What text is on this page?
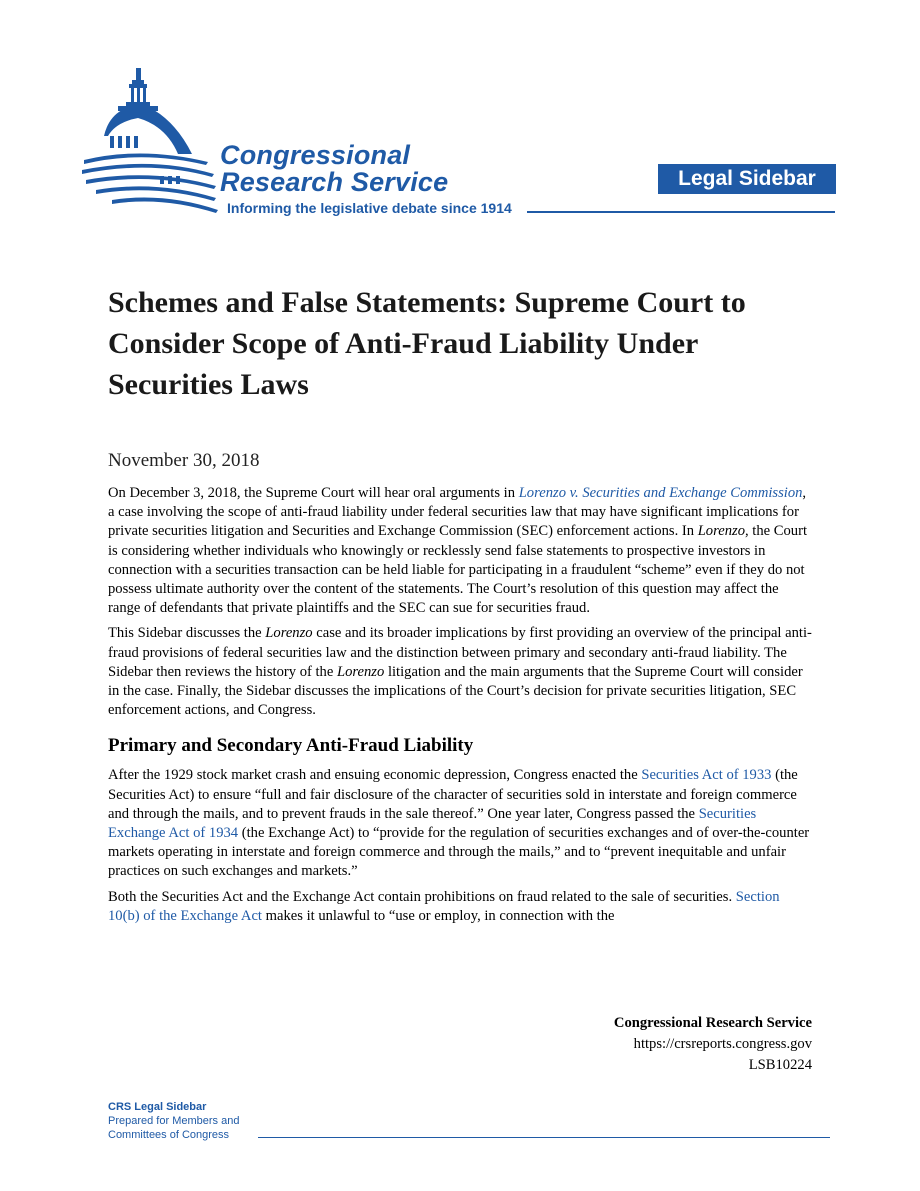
Congressional
Research Service
Informing the legislative debate since 1914
Legal Sidebar
Schemes and False Statements: Supreme Court to Consider Scope of Anti-Fraud Liability Under Securities Laws
November 30, 2018

On December 3, 2018, the Supreme Court will hear oral arguments in Lorenzo v. Securities and Exchange Commission, a case involving the scope of anti-fraud liability under federal securities law that may have significant implications for private securities litigation and Securities and Exchange Commission (SEC) enforcement actions. In Lorenzo, the Court is considering whether individuals who knowingly or recklessly send false statements to prospective investors in connection with a securities transaction can be held liable for participating in a fraudulent “scheme” even if they do not possess ultimate authority over the content of the statements. The Court’s resolution of this question may affect the range of defendants that private plaintiffs and the SEC can sue for securities fraud.

This Sidebar discusses the Lorenzo case and its broader implications by first providing an overview of the principal anti-fraud provisions of federal securities law and the distinction between primary and secondary anti-fraud liability. The Sidebar then reviews the history of the Lorenzo litigation and the main arguments that the Supreme Court will consider in the case. Finally, the Sidebar discusses the implications of the Court’s decision for private securities litigation, SEC enforcement actions, and Congress.

Primary and Secondary Anti-Fraud Liability

After the 1929 stock market crash and ensuing economic depression, Congress enacted the Securities Act of 1933 (the Securities Act) to ensure “full and fair disclosure of the character of securities sold in interstate and foreign commerce and through the mails, and to prevent frauds in the sale thereof.” One year later, Congress passed the Securities Exchange Act of 1934 (the Exchange Act) to “provide for the regulation of securities exchanges and of over-the-counter markets operating in interstate and foreign commerce and through the mails,” and to “prevent inequitable and unfair practices on such exchanges and markets.”

Both the Securities Act and the Exchange Act contain prohibitions on fraud related to the sale of securities. Section 10(b) of the Exchange Act makes it unlawful to “use or employ, in connection with the

Congressional Research Service
https://crsreports.congress.gov
LSB10224
CRS Legal Sidebar
Prepared for Members and
Committees of Congress
